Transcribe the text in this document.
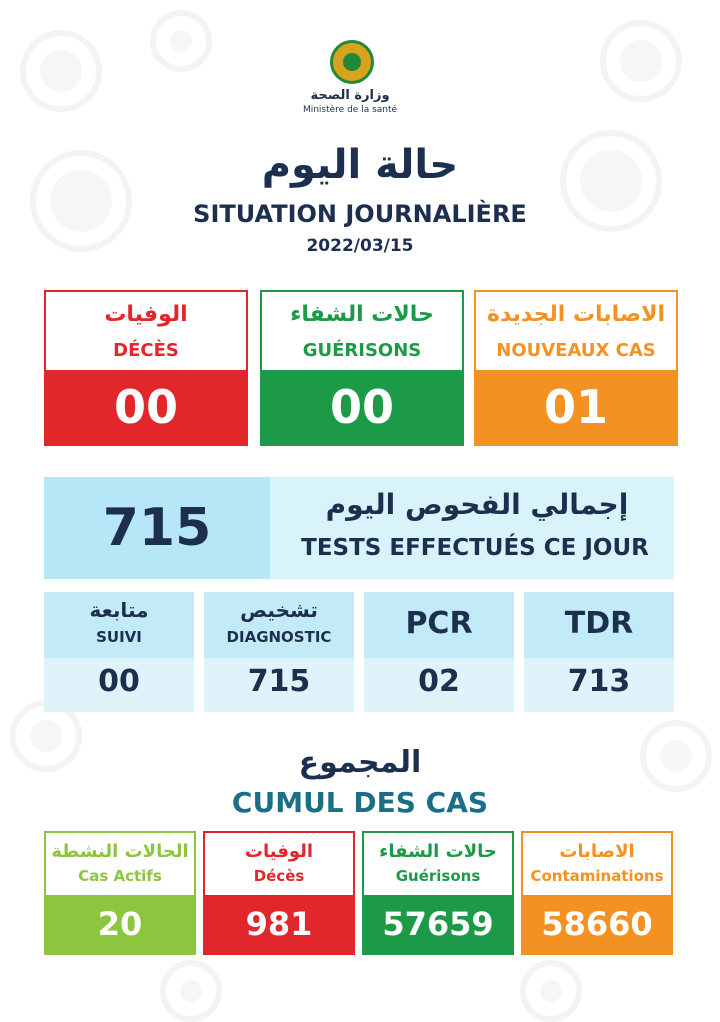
وزارة الصحة
Ministère de la santé
حالة اليوم
SITUATION JOURNALIÈRE
2022/03/15
الوفيات
DÉCÈS
00
حالات الشفاء
GUÉRISONS
00
الاصابات الجديدة
NOUVEAUX CAS
01
715	إجمالي الفحوص اليوم
TESTS EFFECTUÉS CE JOUR
متابعة
SUIVI
00
تشخيص
DIAGNOSTIC
715
PCR
02
TDR
713
المجموع
CUMUL DES CAS
الحالات النشطة
Cas Actifs
20
الوفيات
Décès
981
حالات الشفاء
Guérisons
57659
الاصابات
Contaminations
58660
